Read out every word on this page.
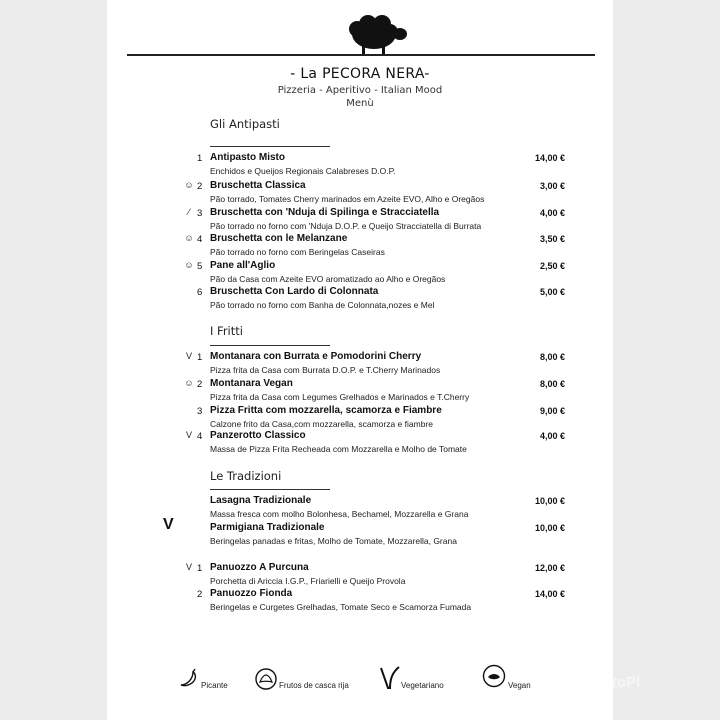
- La PECORA NERA-
Pizzeria - Aperitivo - Italian Mood
Menù
Gli Antipasti
1 Antipasto Misto	14,00 €
Enchidos e Queijos Regionais Calabreses D.O.P.
☺ 2 Bruschetta Classica	3,00 €
Pão torrado, Tomates Cherry marinados em Azeite EVO, Alho e Oregãos
⁄ 3 Bruschetta con 'Nduja di Spilinga e Stracciatella	4,00 €
Pão torrado no forno com 'Nduja D.O.P. e Queijo Stracciatella di Burrata
☺ 4 Bruschetta con le Melanzane	3,50 €
Pão torrado no forno com Beringelas Caseiras
☺ 5 Pane all'Aglio	2,50 €
Pão da Casa com Azeite EVO aromatizado ao Alho e Oregãos
6 Bruschetta Con Lardo di Colonnata	5,00 €
Pão torrado no forno com Banha de Colonnata,nozes e Mel
I Fritti
V 1 Montanara con Burrata e Pomodorini Cherry	8,00 €
Pizza frita da Casa com Burrata D.O.P. e T.Cherry Marinados
☺ 2 Montanara Vegan	8,00 €
Pizza frita da Casa com Legumes Grelhados e Marinados e T.Cherry
3 Pizza Fritta com mozzarella, scamorza e Fiambre	9,00 €
Calzone frito da Casa,com mozzarella, scamorza e fiambre
V 4 Panzerotto Classico	4,00 €
Massa de Pizza Frita Recheada com Mozzarella e Molho de Tomate
Le Tradizioni
Lasagna Tradizionale	10,00 €
Massa fresca com molho Bolonhesa, Bechamel, Mozzarella e Grana
Parmigiana Tradizionale	10,00 €
Beringelas panadas e fritas, Molho de Tomate, Mozzarella, Grana
V 1 Panuozzo A Purcuna	12,00 €
Porchetta di Ariccia I.G.P., Friarielli e Queijo Provola
2 Panuozzo Fionda	14,00 €
Beringelas e Curgetes Grelhadas, Tomate Seco e Scamorza Fumada
V
Picante	Frutos de casca rija	Vegetariano	Vegan	toPl
